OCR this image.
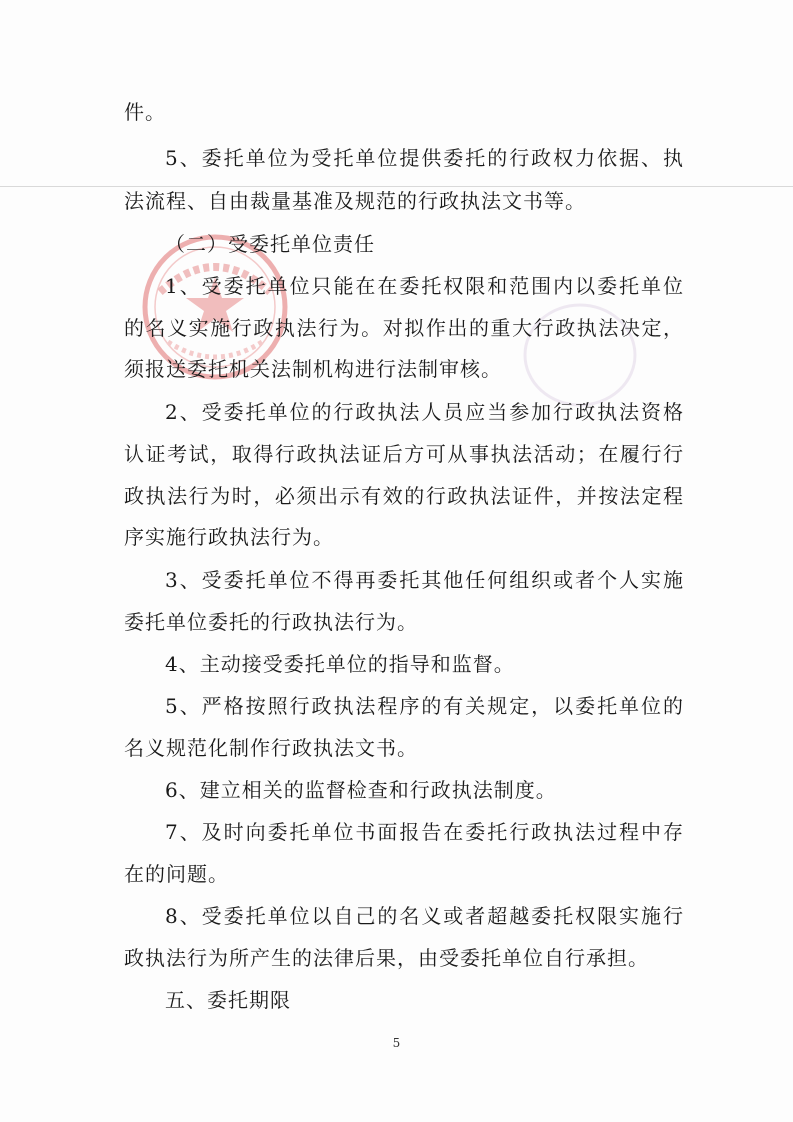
件。
5、委托单位为受托单位提供委托的行政权力依据、执
法流程、自由裁量基准及规范的行政执法文书等。
（二）受委托单位责任
1、受委托单位只能在在委托权限和范围内以委托单位
的名义实施行政执法行为。对拟作出的重大行政执法决定，
须报送委托机关法制机构进行法制审核。
2、受委托单位的行政执法人员应当参加行政执法资格
认证考试，取得行政执法证后方可从事执法活动；在履行行
政执法行为时，必须出示有效的行政执法证件，并按法定程
序实施行政执法行为。
3、受委托单位不得再委托其他任何组织或者个人实施
委托单位委托的行政执法行为。
4、主动接受委托单位的指导和监督。
5、严格按照行政执法程序的有关规定，以委托单位的
名义规范化制作行政执法文书。
6、建立相关的监督检查和行政执法制度。
7、及时向委托单位书面报告在委托行政执法过程中存
在的问题。
8、受委托单位以自己的名义或者超越委托权限实施行
政执法行为所产生的法律后果，由受委托单位自行承担。
五、委托期限
5
